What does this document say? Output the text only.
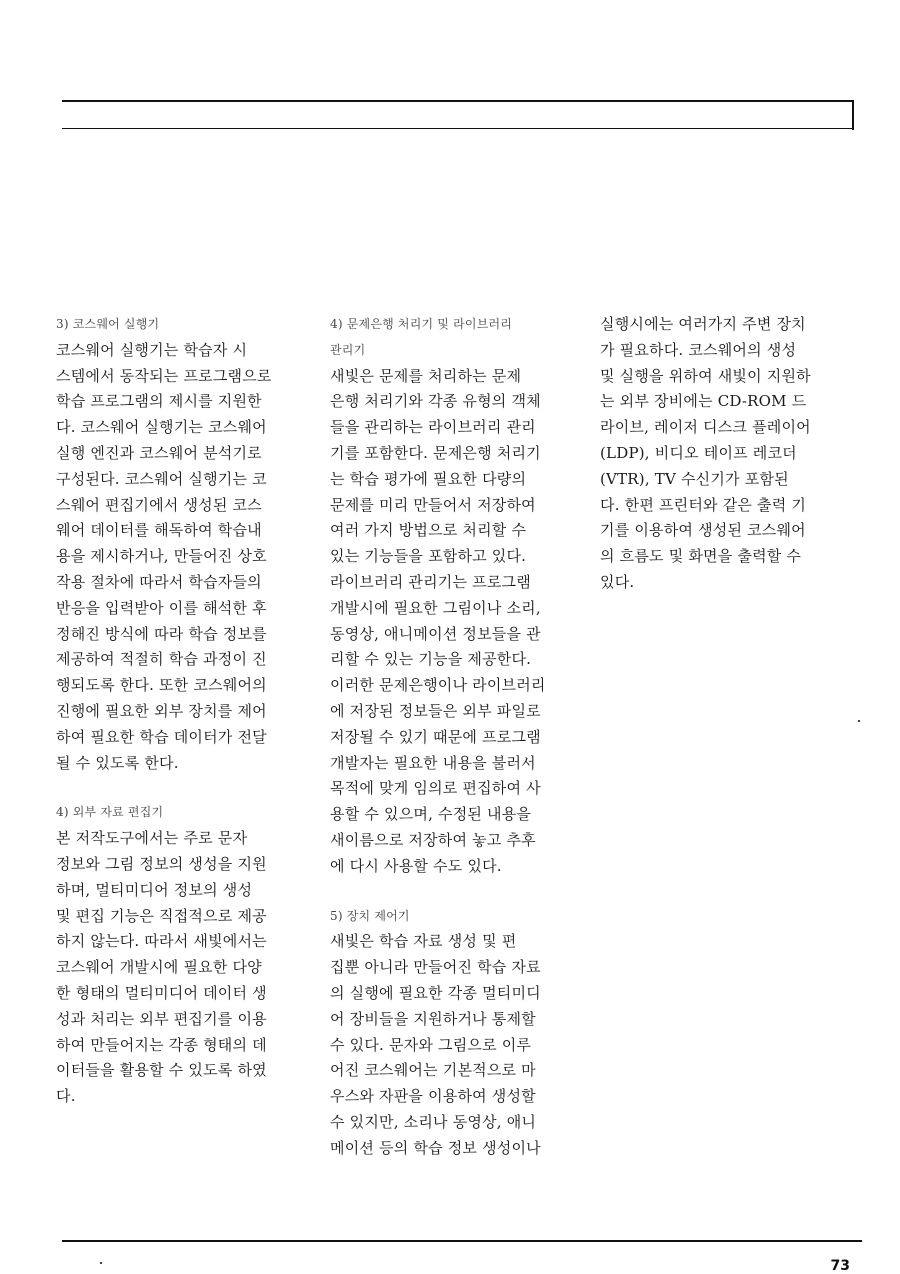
3) 코스웨어 실행기

코스웨어 실행기는 학습자 시
스템에서 동작되는 프로그램으로
학습 프로그램의 제시를 지원한
다. 코스웨어 실행기는 코스웨어
실행 엔진과 코스웨어 분석기로
구성된다. 코스웨어 실행기는 코
스웨어 편집기에서 생성된 코스
웨어 데이터를 해독하여 학습내
용을 제시하거나, 만들어진 상호
작용 절차에 따라서 학습자들의
반응을 입력받아 이를 해석한 후
정해진 방식에 따라 학습 정보를
제공하여 적절히 학습 과정이 진
행되도록 한다. 또한 코스웨어의
진행에 필요한 외부 장치를 제어
하여 필요한 학습 데이터가 전달
될 수 있도록 한다.

4) 외부 자료 편집기

본 저작도구에서는 주로 문자
정보와 그림 정보의 생성을 지원
하며, 멀티미디어 정보의 생성
및 편집 기능은 직접적으로 제공
하지 않는다. 따라서 새빛에서는
코스웨어 개발시에 필요한 다양
한 형태의 멀티미디어 데이터 생
성과 처리는 외부 편집기를 이용
하여 만들어지는 각종 형태의 데
이터들을 활용할 수 있도록 하였
다.

4) 문제은행 처리기 및 라이브러리
관리기

새빛은 문제를 처리하는 문제
은행 처리기와 각종 유형의 객체
들을 관리하는 라이브러리 관리
기를 포함한다. 문제은행 처리기
는 학습 평가에 필요한 다량의
문제를 미리 만들어서 저장하여
여러 가지 방법으로 처리할 수
있는 기능들을 포함하고 있다.
라이브러리 관리기는 프로그램
개발시에 필요한 그림이나 소리,
동영상, 애니메이션 정보들을 관
리할 수 있는 기능을 제공한다.
이러한 문제은행이나 라이브러리
에 저장된 정보들은 외부 파일로
저장될 수 있기 때문에 프로그램
개발자는 필요한 내용을 불러서
목적에 맞게 임의로 편집하여 사
용할 수 있으며, 수정된 내용을
새이름으로 저장하여 놓고 추후
에 다시 사용할 수도 있다.

5) 장치 제어기

새빛은 학습 자료 생성 및 편
집뿐 아니라 만들어진 학습 자료
의 실행에 필요한 각종 멀티미디
어 장비들을 지원하거나 통제할
수 있다. 문자와 그림으로 이루
어진 코스웨어는 기본적으로 마
우스와 자판을 이용하여 생성할
수 있지만, 소리나 동영상, 애니
메이션 등의 학습 정보 생성이나

실행시에는 여러가지 주변 장치
가 필요하다. 코스웨어의 생성
및 실행을 위하여 새빛이 지원하
는 외부 장비에는 CD-ROM 드
라이브, 레이저 디스크 플레이어
(LDP), 비디오 테이프 레코더
(VTR), TV 수신기가 포함된
다. 한편 프린터와 같은 출력 기
기를 이용하여 생성된 코스웨어
의 흐름도 및 화면을 출력할 수
있다.

73
